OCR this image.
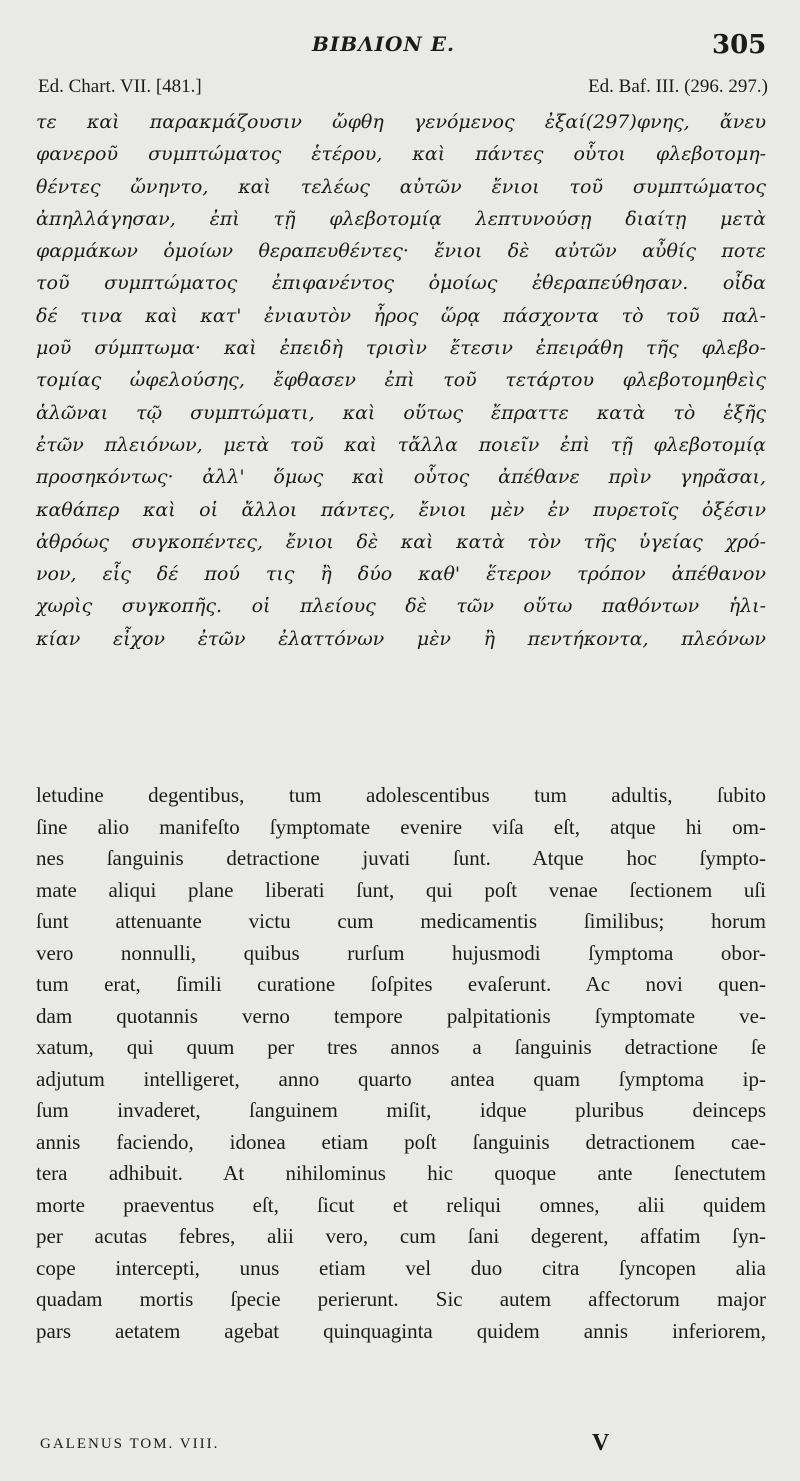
ΒΙΒΛΙΟΝ Ε.	305
Ed. Chart. VII. [481.]	Ed. Baf. III. (296. 297.)
τε καὶ παρακμάζουσιν ὤφθη γενόμενος ἐξαί(297)φνης, ἄνευ
φανεροῦ συμπτώματος ἑτέρου, καὶ πάντες οὗτοι φλεβοτομη-
θέντες ὤνηντο, καὶ τελέως αὐτῶν ἔνιοι τοῦ συμπτώματος
ἀπηλλάγησαν, ἐπὶ τῇ φλεβοτομίᾳ λεπτυνούσῃ διαίτῃ μετὰ
φαρμάκων ὁμοίων θεραπευθέντες· ἔνιοι δὲ αὐτῶν αὖθίς ποτε
τοῦ συμπτώματος ἐπιφανέντος ὁμοίως ἐθεραπεύθησαν. οἶδα
δέ τινα καὶ κατ' ἐνιαυτὸν ἦρος ὥρᾳ πάσχοντα τὸ τοῦ παλ-
μοῦ σύμπτωμα· καὶ ἐπειδὴ τρισὶν ἔτεσιν ἐπειράθη τῆς φλεβο-
τομίας ὠφελούσης, ἔφθασεν ἐπὶ τοῦ τετάρτου φλεβοτομηθεὶς
ἁλῶναι τῷ συμπτώματι, καὶ οὕτως ἔπραττε κατὰ τὸ ἑξῆς
ἐτῶν πλειόνων, μετὰ τοῦ καὶ τἄλλα ποιεῖν ἐπὶ τῇ φλεβοτομίᾳ
προσηκόντως· ἀλλ' ὅμως καὶ οὗτος ἀπέθανε πρὶν γηρᾶσαι,
καθάπερ καὶ οἱ ἄλλοι πάντες, ἔνιοι μὲν ἐν πυρετοῖς ὀξέσιν
ἀθρόως συγκοπέντες, ἔνιοι δὲ καὶ κατὰ τὸν τῆς ὑγείας χρό-
νον, εἷς δέ πού τις ἢ δύο καθ' ἕτερον τρόπον ἀπέθανον
χωρὶς συγκοπῆς. οἱ πλείους δὲ τῶν οὕτω παθόντων ἡλι-
κίαν εἶχον ἐτῶν ἐλαττόνων μὲν ἢ πεντήκοντα, πλεόνων
letudine degentibus, tum adolescentibus tum adultis, ſubito
ſine alio manifeſto ſymptomate evenire viſa eſt, atque hi om-
nes ſanguinis detractione juvati ſunt. Atque hoc ſympto-
mate aliqui plane liberati ſunt, qui poſt venae ſectionem uſi
ſunt attenuante victu cum medicamentis ſimilibus; horum
vero nonnulli, quibus rurſum hujusmodi ſymptoma obor-
tum erat, ſimili curatione ſoſpites evaſerunt. Ac novi quen-
dam quotannis verno tempore palpitationis ſymptomate ve-
xatum, qui quum per tres annos a ſanguinis detractione ſe
adjutum intelligeret, anno quarto antea quam ſymptoma ip-
ſum invaderet, ſanguinem miſit, idque pluribus deinceps
annis faciendo, idonea etiam poſt ſanguinis detractionem cae-
tera adhibuit. At nihilominus hic quoque ante ſenectutem
morte praeventus eſt, ſicut et reliqui omnes, alii quidem
per acutas febres, alii vero, cum ſani degerent, affatim ſyn-
cope intercepti, unus etiam vel duo citra ſyncopen alia
quadam mortis ſpecie perierunt. Sic autem affectorum major
pars aetatem agebat quinquaginta quidem annis inferiorem,
GALENUS TOM. VIII.	V
